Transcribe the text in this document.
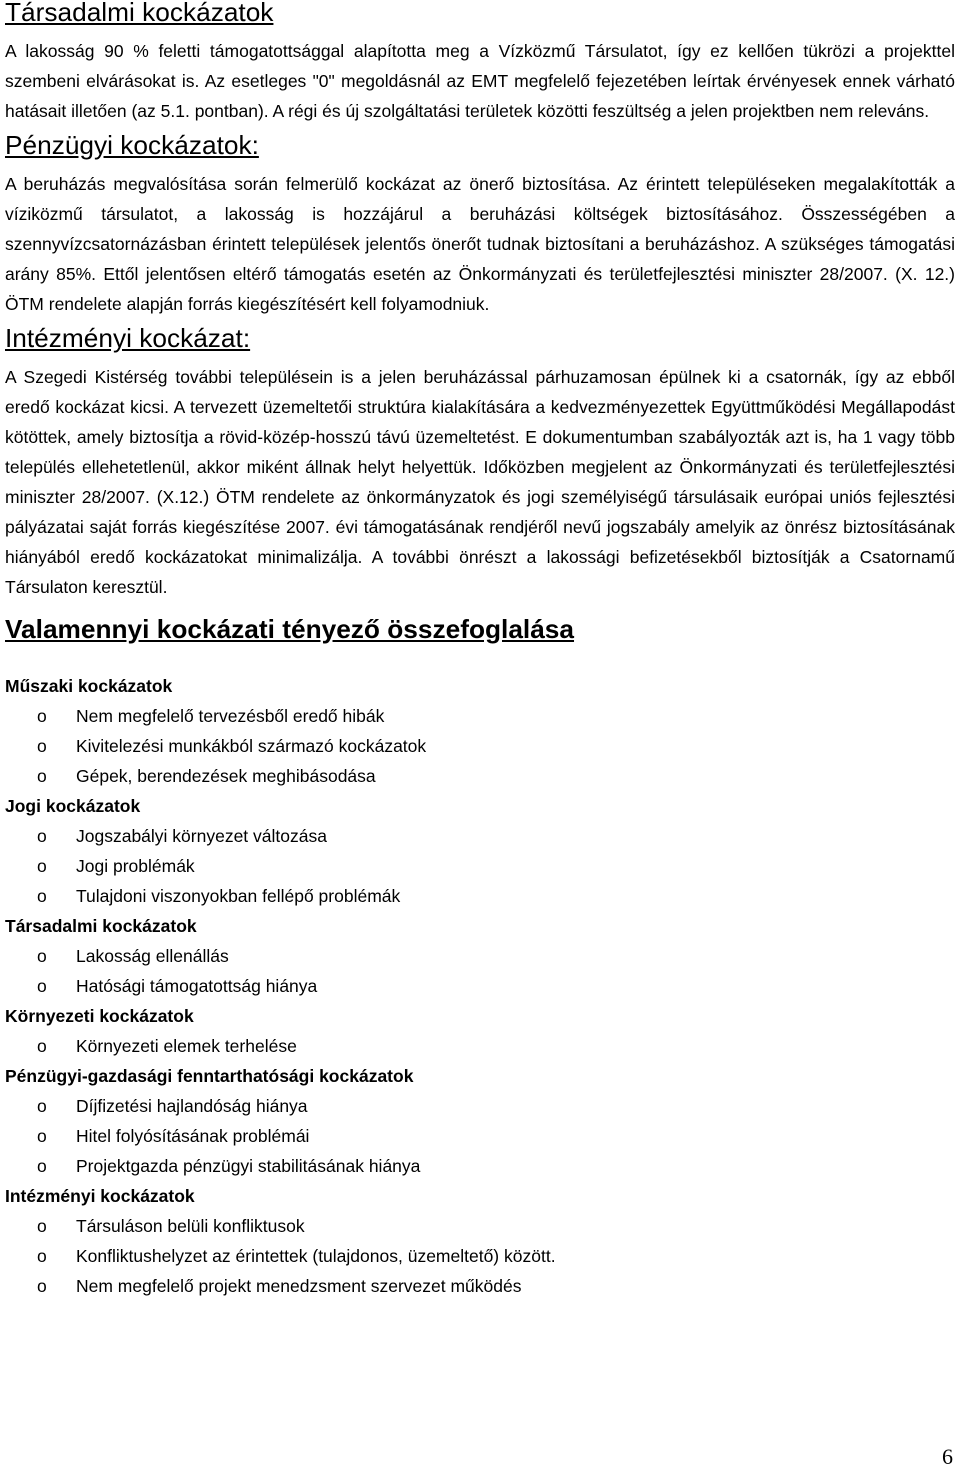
Társadalmi kockázatok

A lakosság 90 % feletti támogatottsággal alapította meg a Vízközmű Társulatot, így ez kellően tükrözi a projekttel szembeni elvárásokat is. Az esetleges "0" megoldásnál az EMT megfelelő fejezetében leírtak érvényesek ennek várható hatásait illetően (az 5.1. pontban). A régi és új szolgáltatási területek közötti feszültség a jelen projektben nem releváns.

Pénzügyi kockázatok:

A beruházás megvalósítása során felmerülő kockázat az önerő biztosítása. Az érintett településeken megalakították a víziközmű társulatot, a lakosság is hozzájárul a beruházási költségek biztosításához. Összességében a szennyvízcsatornázásban érintett települések jelentős önerőt tudnak biztosítani a beruházáshoz. A szükséges támogatási arány 85%. Ettől jelentősen eltérő támogatás esetén az Önkormányzati és területfejlesztési miniszter 28/2007. (X. 12.) ÖTM rendelete alapján forrás kiegészítésért kell folyamodniuk.

Intézményi kockázat:

A Szegedi Kistérség további településein is a jelen beruházással párhuzamosan épülnek ki a csatornák, így az ebből eredő kockázat kicsi. A tervezett üzemeltetői struktúra kialakítására a kedvezményezettek Együttműködési Megállapodást kötöttek, amely biztosítja a rövid-közép-hosszú távú üzemeltetést. E dokumentumban szabályozták azt is, ha 1 vagy több település ellehetetlenül, akkor miként állnak helyt helyettük. Időközben megjelent az Önkormányzati és területfejlesztési miniszter 28/2007. (X.12.) ÖTM rendelete az önkormányzatok és jogi személyiségű társulásaik európai uniós fejlesztési pályázatai saját forrás kiegészítése 2007. évi támogatásának rendjéről nevű jogszabály amelyik az önrész biztosításának hiányából eredő kockázatokat minimalizálja. A további önrészt a lakossági befizetésekből biztosítják a Csatornamű Társulaton keresztül.

Valamennyi kockázati tényező összefoglalása
Műszaki kockázatok
o Nem megfelelő tervezésből eredő hibák
o Kivitelezési munkákból származó kockázatok
o Gépek, berendezések meghibásodása
Jogi kockázatok
o Jogszabályi környezet változása
o Jogi problémák
o Tulajdoni viszonyokban fellépő problémák
Társadalmi kockázatok
o Lakosság ellenállás
o Hatósági támogatottság hiánya
Környezeti kockázatok
o Környezeti elemek terhelése
Pénzügyi-gazdasági fenntarthatósági kockázatok
o Díjfizetési hajlandóság hiánya
o Hitel folyósításának problémái
o Projektgazda pénzügyi stabilitásának hiánya
Intézményi kockázatok
o Társuláson belüli konfliktusok
o Konfliktushelyzet az érintettek (tulajdonos, üzemeltető) között.
o Nem megfelelő projekt menedzsment szervezet működés
6
